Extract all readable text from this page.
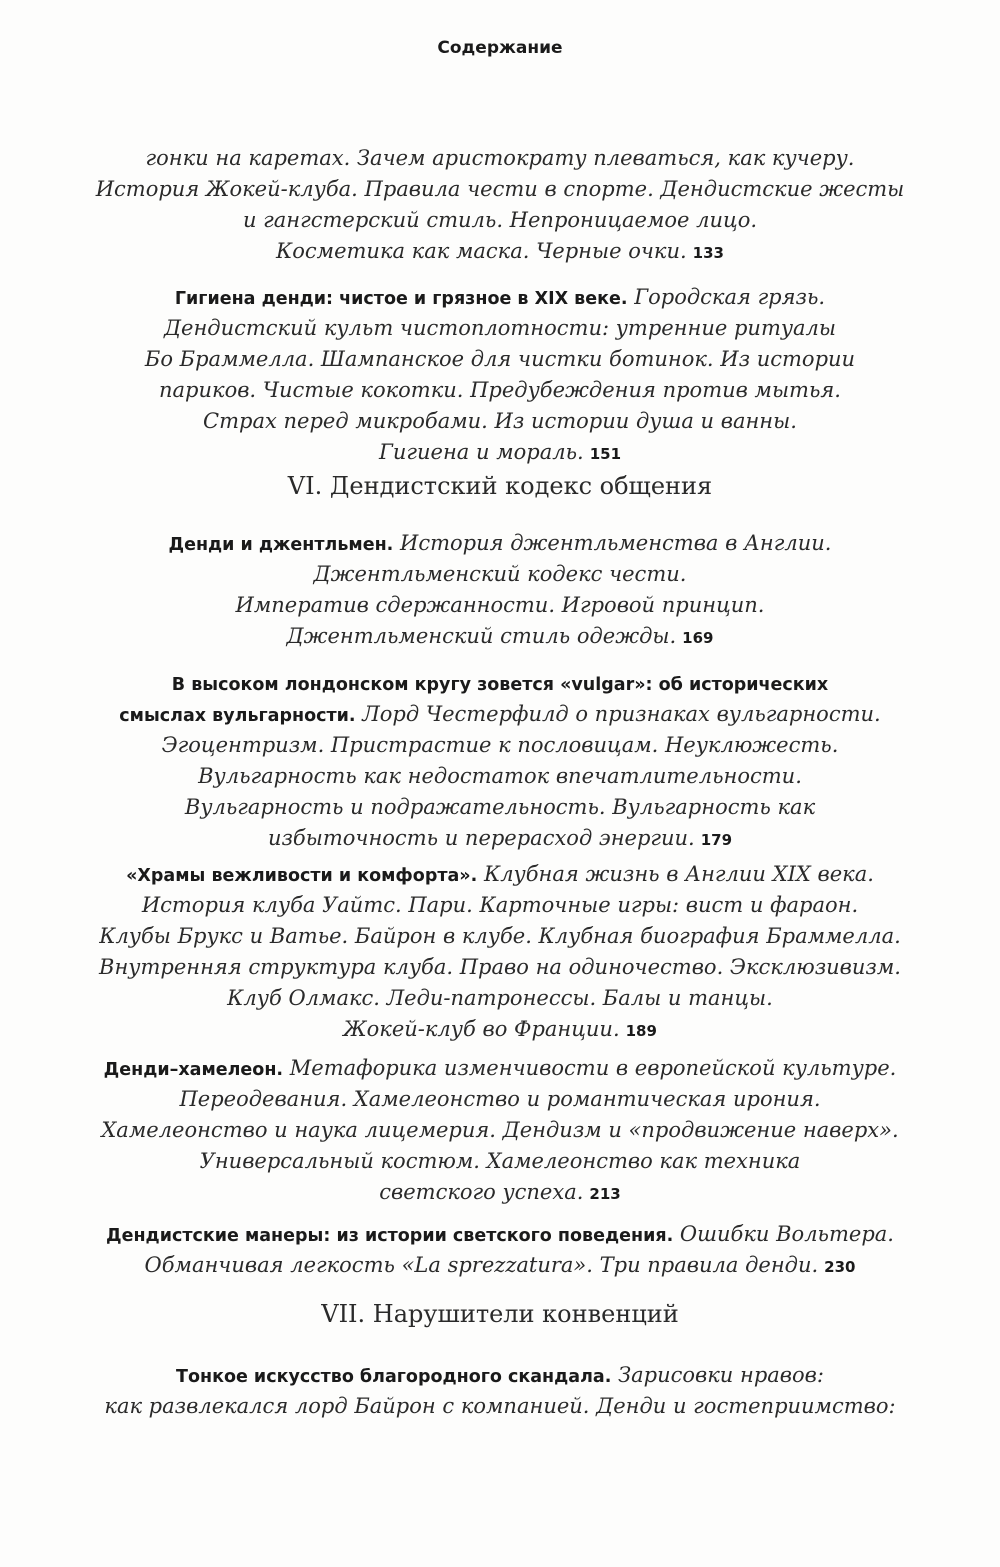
Содержание
гонки на каретах. Зачем аристократу плеваться, как кучеру.
История Жокей-клуба. Правила чести в спорте. Дендистские жесты
и гангстерский стиль. Непроницаемое лицо.
Косметика как маска. Черные очки. 133
Гигиена денди: чистое и грязное в XIX веке. Городская грязь.
Дендистский культ чистоплотности: утренние ритуалы
Бо Браммелла. Шампанское для чистки ботинок. Из истории
париков. Чистые кокотки. Предубеждения против мытья.
Страх перед микробами. Из истории душа и ванны.
Гигиена и мораль. 151
VI. Дендистский кодекс общения
Денди и джентльмен. История джентльменства в Англии.
Джентльменский кодекс чести.
Императив сдержанности. Игровой принцип.
Джентльменский стиль одежды. 169
В высоком лондонском кругу зовется «vulgar»: об исторических
смыслах вульгарности. Лорд Честерфилд о признаках вульгарности.
Эгоцентризм. Пристрастие к пословицам. Неуклюжесть.
Вульгарность как недостаток впечатлительности.
Вульгарность и подражательность. Вульгарность как
избыточность и перерасход энергии. 179
«Храмы вежливости и комфорта». Клубная жизнь в Англии XIX века.
История клуба Уайтс. Пари. Карточные игры: вист и фараон.
Клубы Брукс и Ватье. Байрон в клубе. Клубная биография Браммелла.
Внутренняя структура клуба. Право на одиночество. Эксклюзивизм.
Клуб Олмакс. Леди-патронессы. Балы и танцы.
Жокей-клуб во Франции. 189
Денди–хамелеон. Метафорика изменчивости в европейской культуре.
Переодевания. Хамелеонство и романтическая ирония.
Хамелеонство и наука лицемерия. Дендизм и «продвижение наверх».
Универсальный костюм. Хамелеонство как техника
светского успеха. 213
Дендистские манеры: из истории светского поведения. Ошибки Вольтера.
Обманчивая легкость «La sprezzatura». Три правила денди. 230
VII. Нарушители конвенций
Тонкое искусство благородного скандала. Зарисовки нравов:
как развлекался лорд Байрон с компанией. Денди и гостеприимство:
